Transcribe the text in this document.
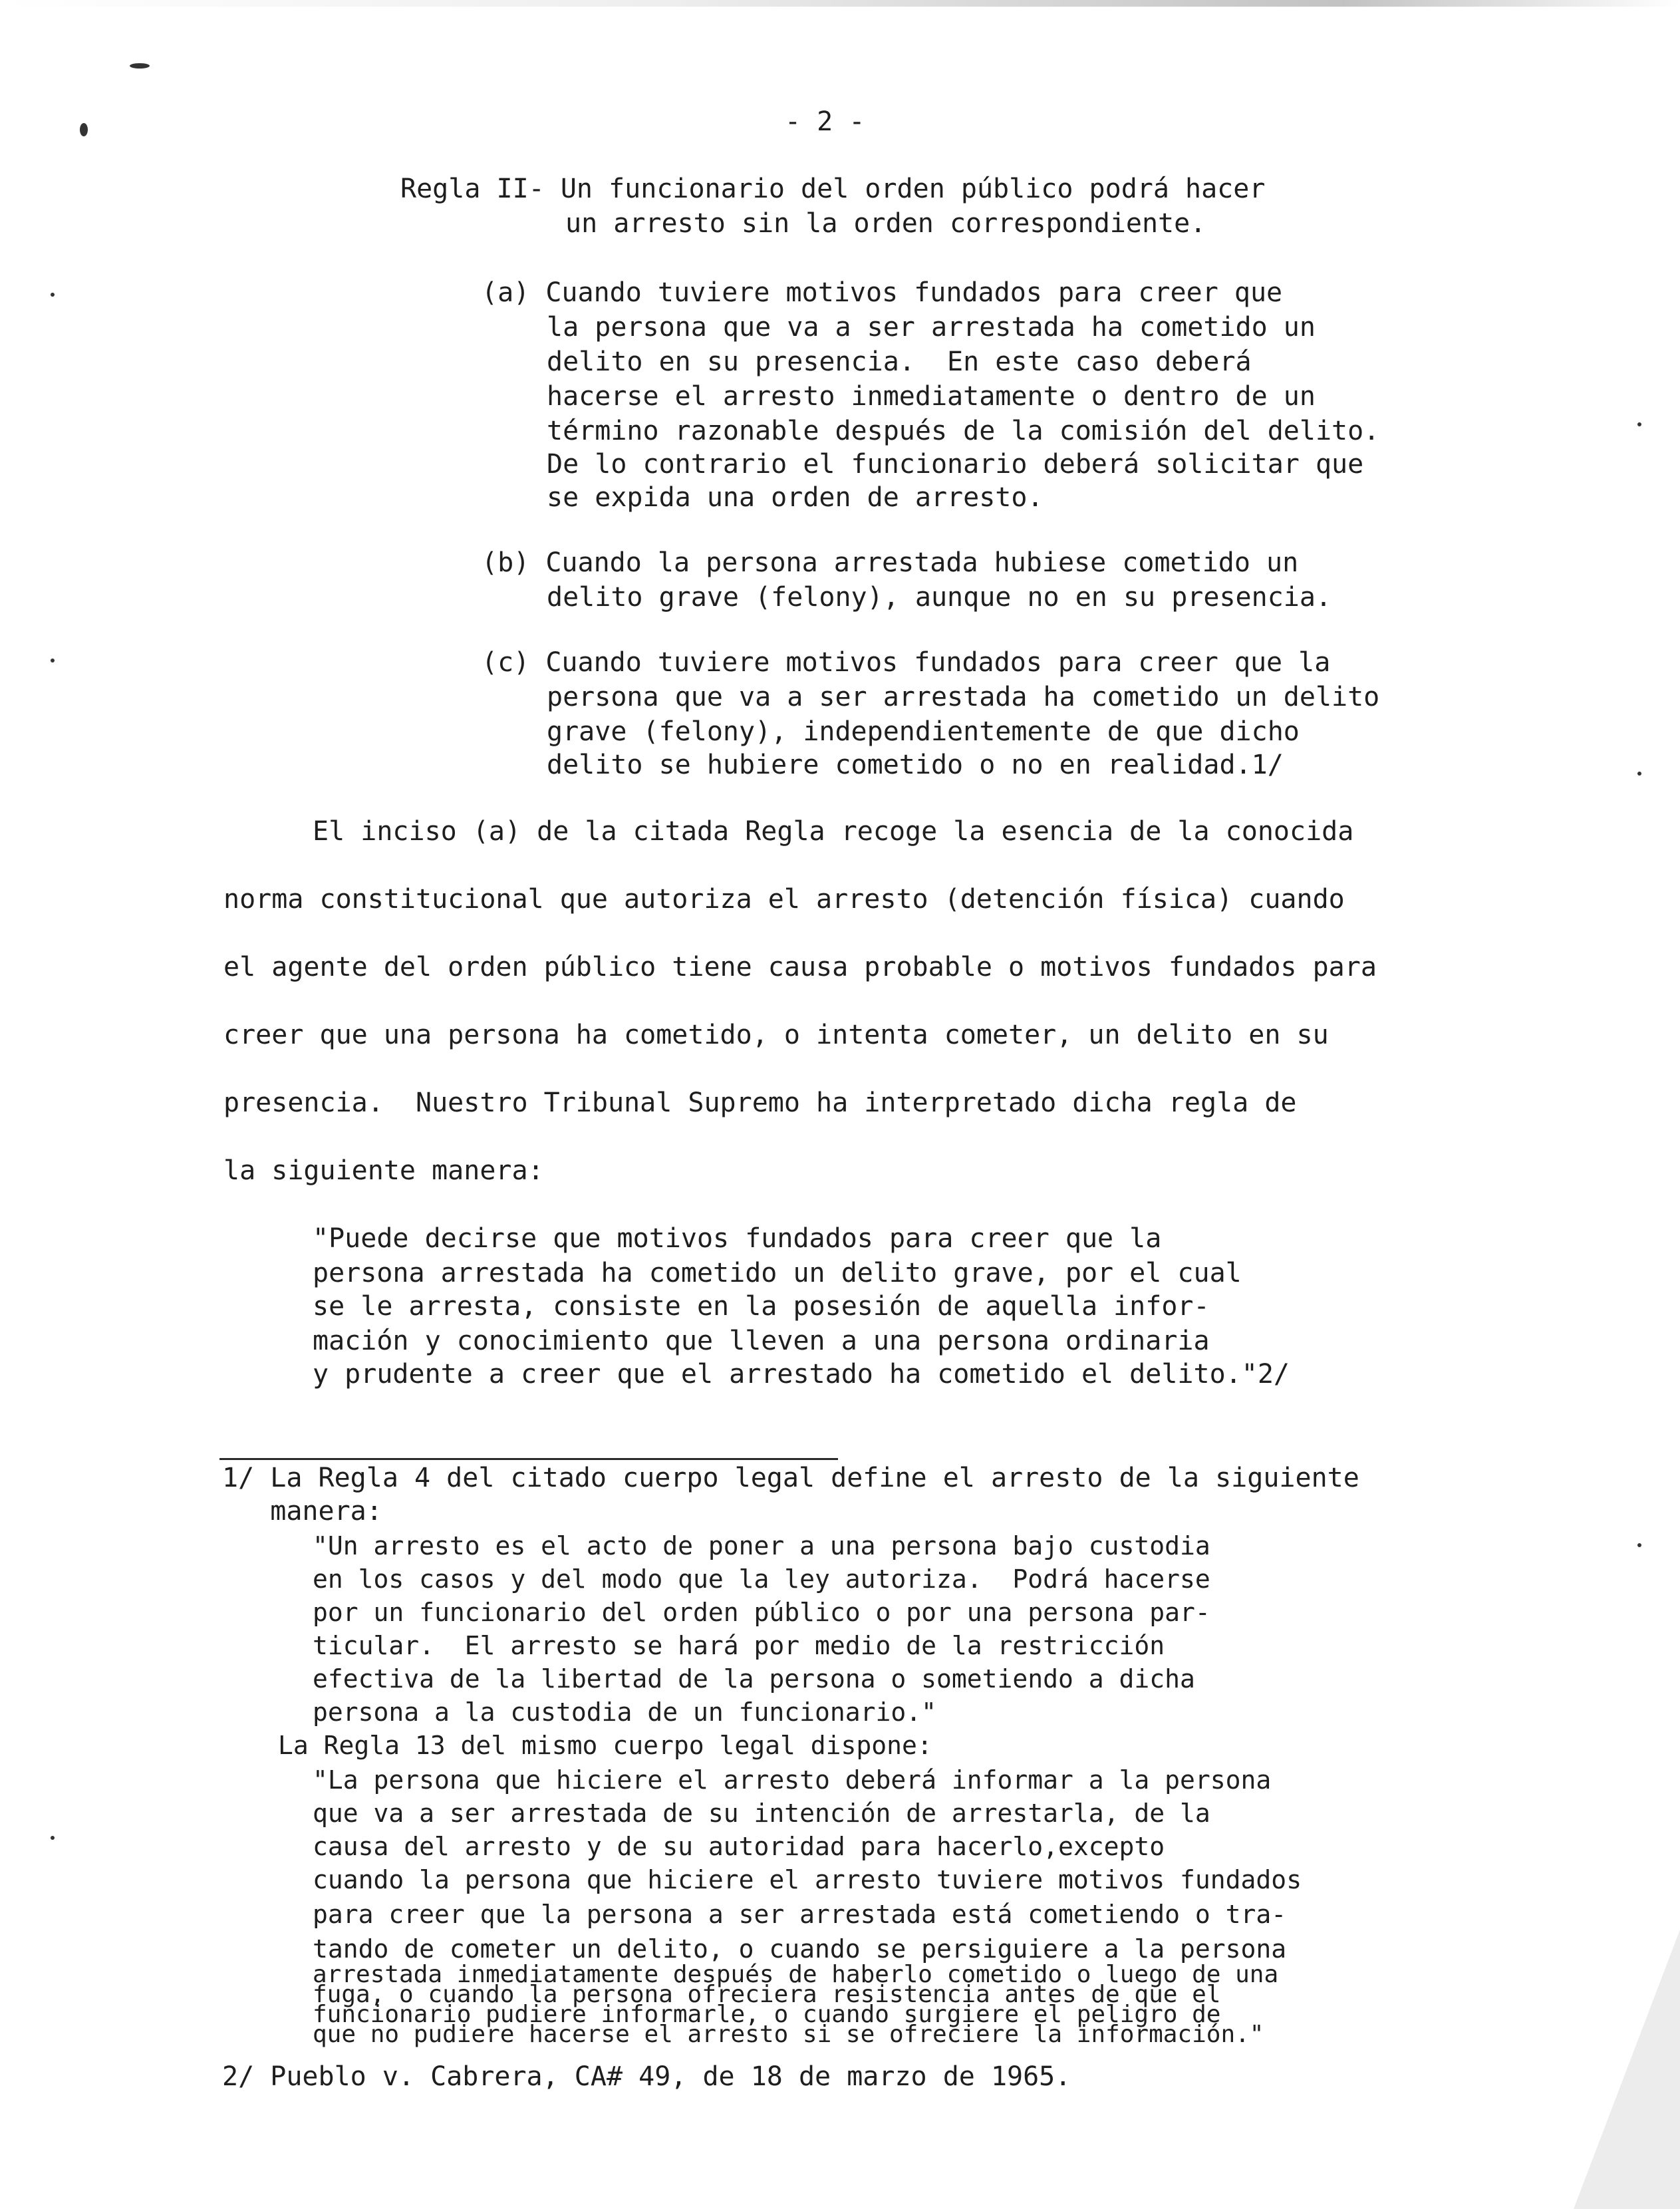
- 2 -
Regla II- Un funcionario del orden público podrá hacer
un arresto sin la orden correspondiente.
(a) Cuando tuviere motivos fundados para creer que
la persona que va a ser arrestada ha cometido un
delito en su presencia.  En este caso deberá
hacerse el arresto inmediatamente o dentro de un
término razonable después de la comisión del delito.
De lo contrario el funcionario deberá solicitar que
se expida una orden de arresto.
(b) Cuando la persona arrestada hubiese cometido un
delito grave (felony), aunque no en su presencia.
(c) Cuando tuviere motivos fundados para creer que la
persona que va a ser arrestada ha cometido un delito
grave (felony), independientemente de que dicho
delito se hubiere cometido o no en realidad.1/
El inciso (a) de la citada Regla recoge la esencia de la conocida
norma constitucional que autoriza el arresto (detención física) cuando
el agente del orden público tiene causa probable o motivos fundados para
creer que una persona ha cometido, o intenta cometer, un delito en su
presencia.  Nuestro Tribunal Supremo ha interpretado dicha regla de
la siguiente manera:
"Puede decirse que motivos fundados para creer que la
persona arrestada ha cometido un delito grave, por el cual
se le arresta, consiste en la posesión de aquella infor-
mación y conocimiento que lleven a una persona ordinaria
y prudente a creer que el arrestado ha cometido el delito."2/
1/ La Regla 4 del citado cuerpo legal define el arresto de la siguiente
manera:
"Un arresto es el acto de poner a una persona bajo custodia
en los casos y del modo que la ley autoriza.  Podrá hacerse
por un funcionario del orden público o por una persona par-
ticular.  El arresto se hará por medio de la restricción
efectiva de la libertad de la persona o sometiendo a dicha
persona a la custodia de un funcionario."
La Regla 13 del mismo cuerpo legal dispone:
"La persona que hiciere el arresto deberá informar a la persona
que va a ser arrestada de su intención de arrestarla, de la
causa del arresto y de su autoridad para hacerlo,excepto
cuando la persona que hiciere el arresto tuviere motivos fundados
para creer que la persona a ser arrestada está cometiendo o tra-
tando de cometer un delito, o cuando se persiguiere a la persona
arrestada inmediatamente después de haberlo cometido o luego de una
fuga, o cuando la persona ofreciera resistencia antes de que el
funcionario pudiere informarle, o cuando surgiere el peligro de
que no pudiere hacerse el arresto si se ofreciere la información."
2/ Pueblo v. Cabrera, CA# 49, de 18 de marzo de 1965.
